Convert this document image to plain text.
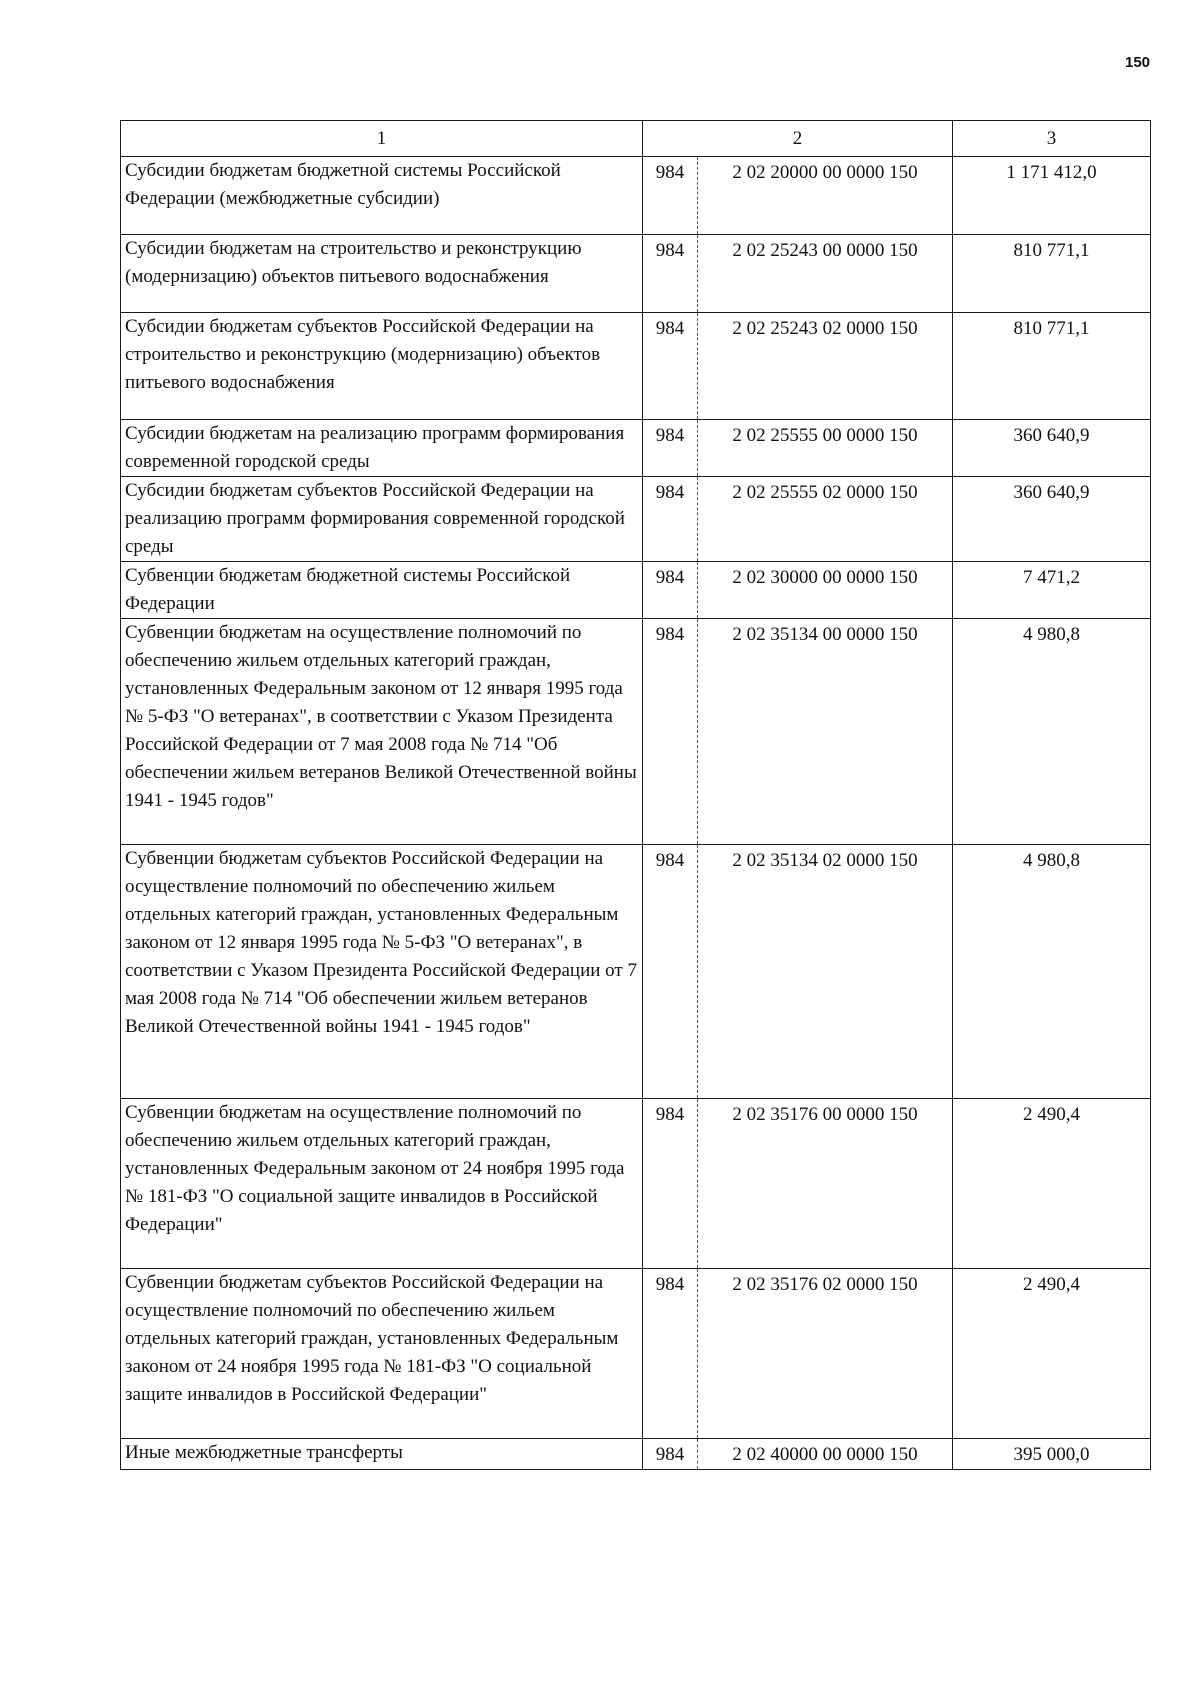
150
1	2		3
Субсидии бюджетам бюджетной системы Российской Федерации (межбюджетные субсидии)	984	2 02 20000 00 0000 150	1 171 412,0
Субсидии бюджетам на строительство и реконструкцию (модернизацию) объектов питьевого водоснабжения	984	2 02 25243 00 0000 150	810 771,1
Субсидии бюджетам субъектов Российской Федерации на строительство и реконструкцию (модернизацию) объектов питьевого водоснабжения	984	2 02 25243 02 0000 150	810 771,1
Субсидии бюджетам на реализацию программ формирования современной городской среды	984	2 02 25555 00 0000 150	360 640,9
Субсидии бюджетам субъектов Российской Федерации на реализацию программ формирования современной городской среды	984	2 02 25555 02 0000 150	360 640,9
Субвенции бюджетам бюджетной системы Российской Федерации	984	2 02 30000 00 0000 150	7 471,2
Субвенции бюджетам на осуществление полномочий по обеспечению жильем отдельных категорий граждан, установленных Федеральным законом от 12 января 1995 года № 5-ФЗ "О ветеранах", в соответствии с Указом Президента Российской Федерации от 7 мая 2008 года № 714 "Об обеспечении жильем ветеранов Великой Отечественной войны 1941 - 1945 годов"	984	2 02 35134 00 0000 150	4 980,8
Субвенции бюджетам субъектов Российской Федерации на осуществление полномочий по обеспечению жильем отдельных категорий граждан, установленных Федеральным законом от 12 января 1995 года № 5-ФЗ "О ветеранах", в соответствии с Указом Президента Российской Федерации от 7 мая 2008 года № 714 "Об обеспечении жильем ветеранов Великой Отечественной войны 1941 - 1945 годов"	984	2 02 35134 02 0000 150	4 980,8
Субвенции бюджетам на осуществление полномочий по обеспечению жильем отдельных категорий граждан, установленных Федеральным законом от 24 ноября 1995 года № 181-ФЗ "О социальной защите инвалидов в Российской Федерации"	984	2 02 35176 00 0000 150	2 490,4
Субвенции бюджетам субъектов Российской Федерации на осуществление полномочий по обеспечению жильем отдельных категорий граждан, установленных Федеральным законом от 24 ноября 1995 года № 181-ФЗ "О социальной защите инвалидов в Российской Федерации"	984	2 02 35176 02 0000 150	2 490,4
Иные межбюджетные трансферты	984	2 02 40000 00 0000 150	395 000,0
